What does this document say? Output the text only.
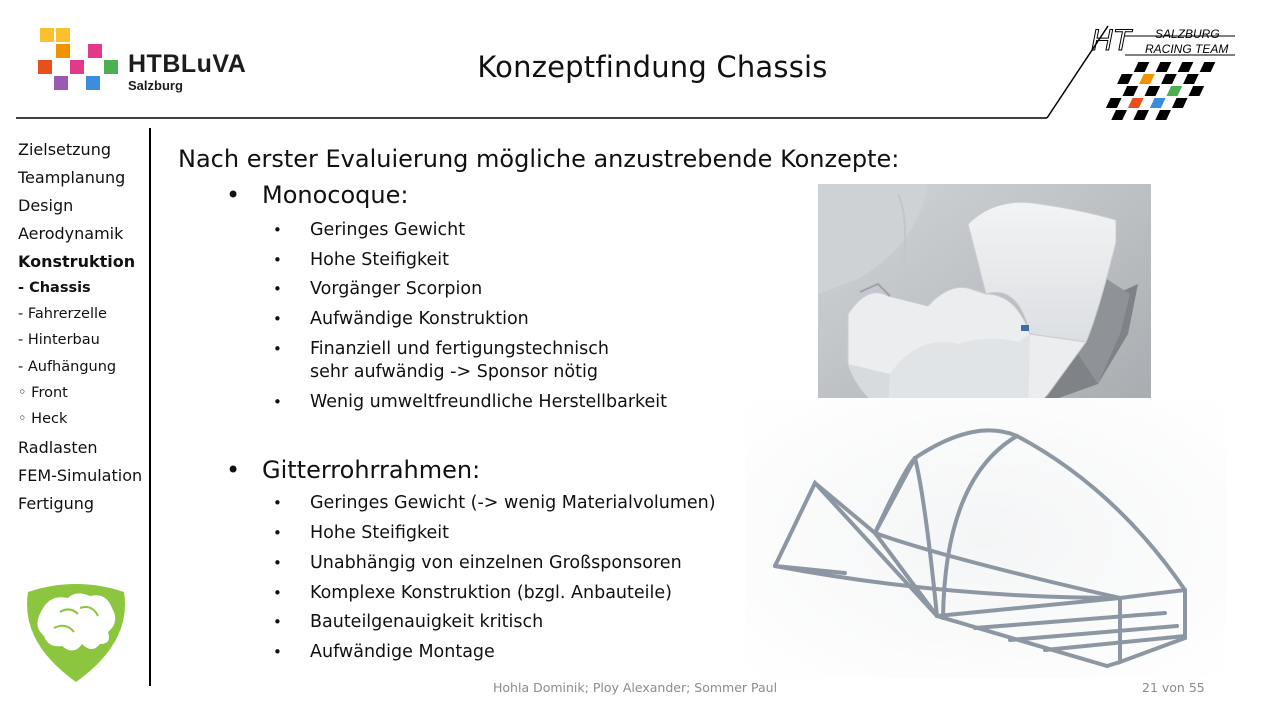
HTBLuVA
Salzburg
Konzeptfindung Chassis
HT SALZBURG
RACING TEAM
Zielsetzung
Teamplanung
Design
Aerodynamik
Konstruktion
- Chassis
- Fahrerzelle
- Hinterbau
- Aufhängung
◦ Front
◦ Heck
Radlasten
FEM-Simulation
Fertigung
Nach erster Evaluierung mögliche anzustrebende Konzepte:
• Monocoque:
• Geringes Gewicht
• Hohe Steifigkeit
• Vorgänger Scorpion
• Aufwändige Konstruktion
• Finanziell und fertigungstechnisch
sehr aufwändig -> Sponsor nötig
• Wenig umweltfreundliche Herstellbarkeit
• Gitterrohrrahmen:
• Geringes Gewicht (-> wenig Materialvolumen)
• Hohe Steifigkeit
• Unabhängig von einzelnen Großsponsoren
• Komplexe Konstruktion (bzgl. Anbauteile)
• Bauteilgenauigkeit kritisch
• Aufwändige Montage
Hohla Dominik; Ploy Alexander; Sommer Paul	21 von 55
